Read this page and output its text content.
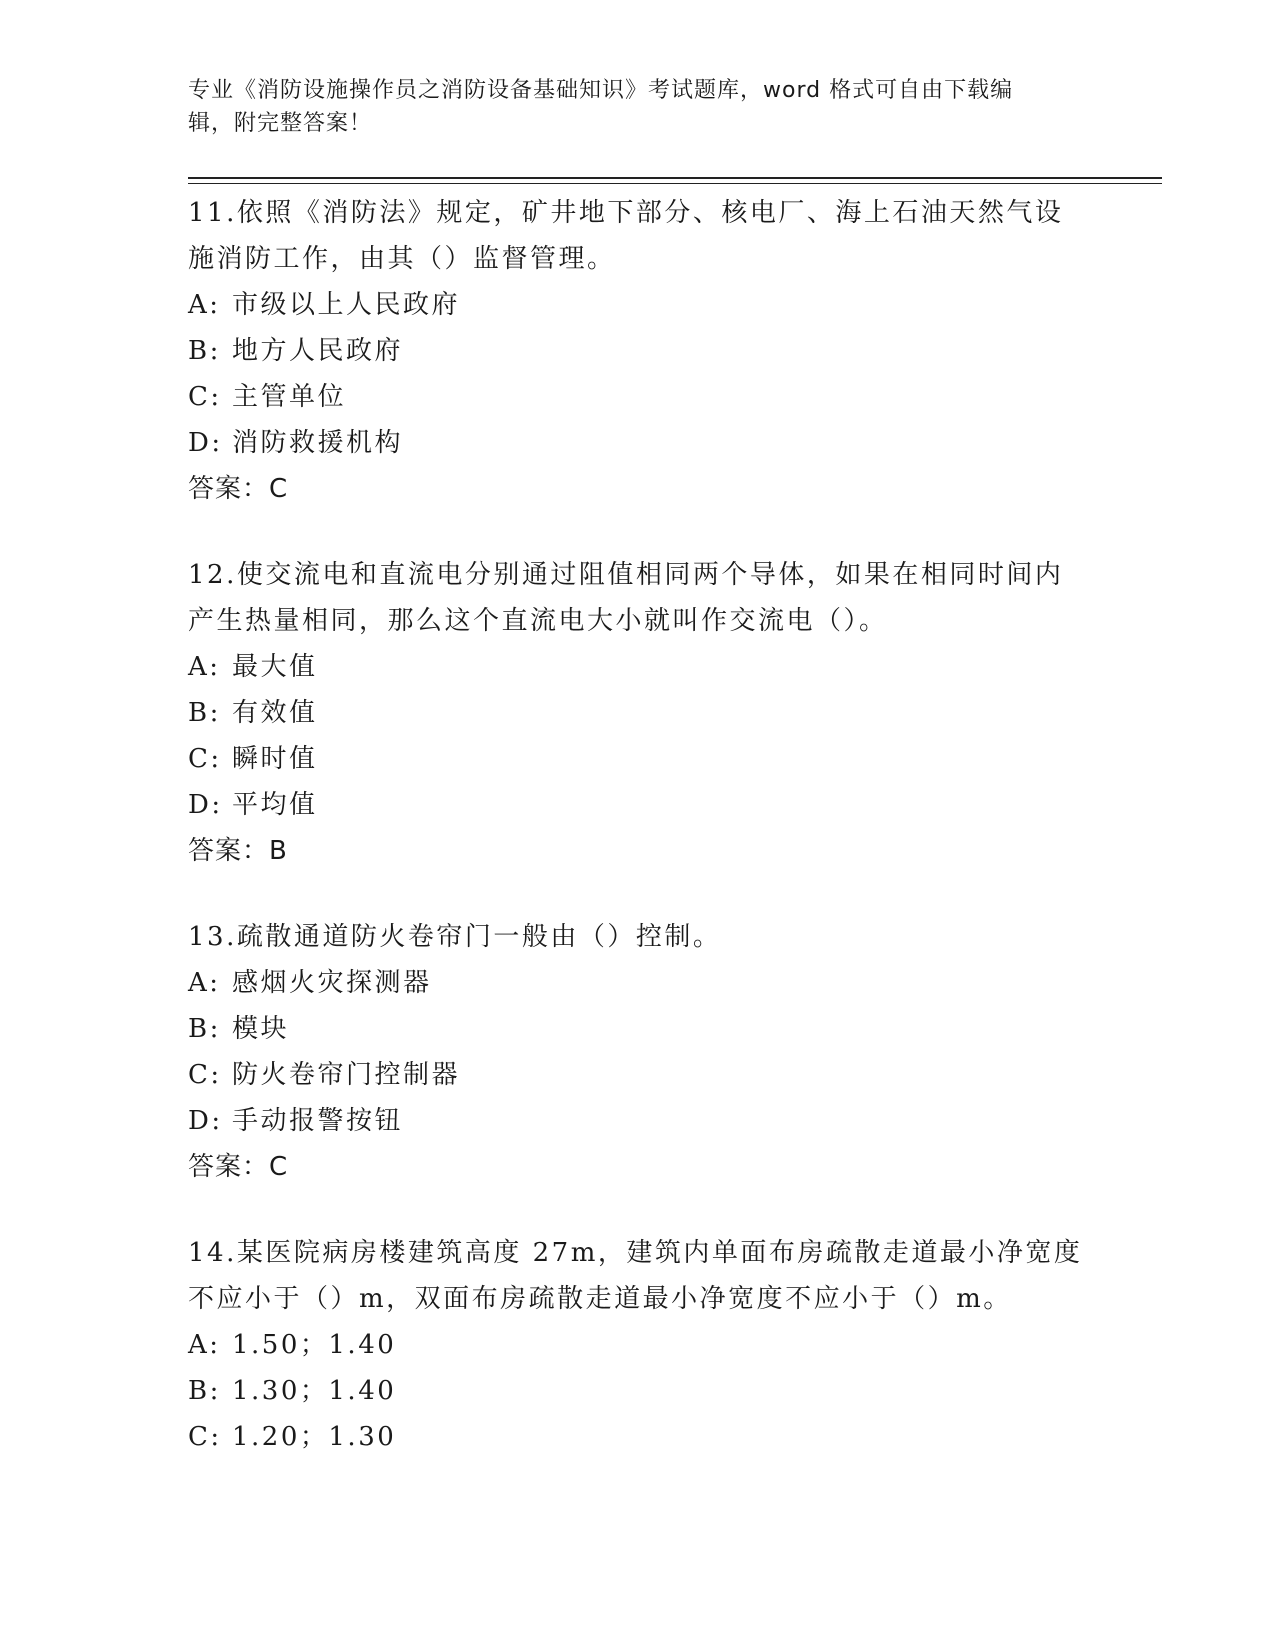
专业《消防设施操作员之消防设备基础知识》考试题库，word 格式可自由下载编
辑，附完整答案！
11.依照《消防法》规定，矿井地下部分、核电厂、海上石油天然气设
施消防工作，由其（）监督管理。
A: 市级以上人民政府
B: 地方人民政府
C: 主管单位
D: 消防救援机构
答案：C
12.使交流电和直流电分别通过阻值相同两个导体，如果在相同时间内
产生热量相同，那么这个直流电大小就叫作交流电（）。
A: 最大值
B: 有效值
C: 瞬时值
D: 平均值
答案：B
13.疏散通道防火卷帘门一般由（）控制。
A: 感烟火灾探测器
B: 模块
C: 防火卷帘门控制器
D: 手动报警按钮
答案：C
14.某医院病房楼建筑高度 27m，建筑内单面布房疏散走道最小净宽度
不应小于（）m，双面布房疏散走道最小净宽度不应小于（）m。
A: 1.50；1.40
B: 1.30；1.40
C: 1.20；1.30
